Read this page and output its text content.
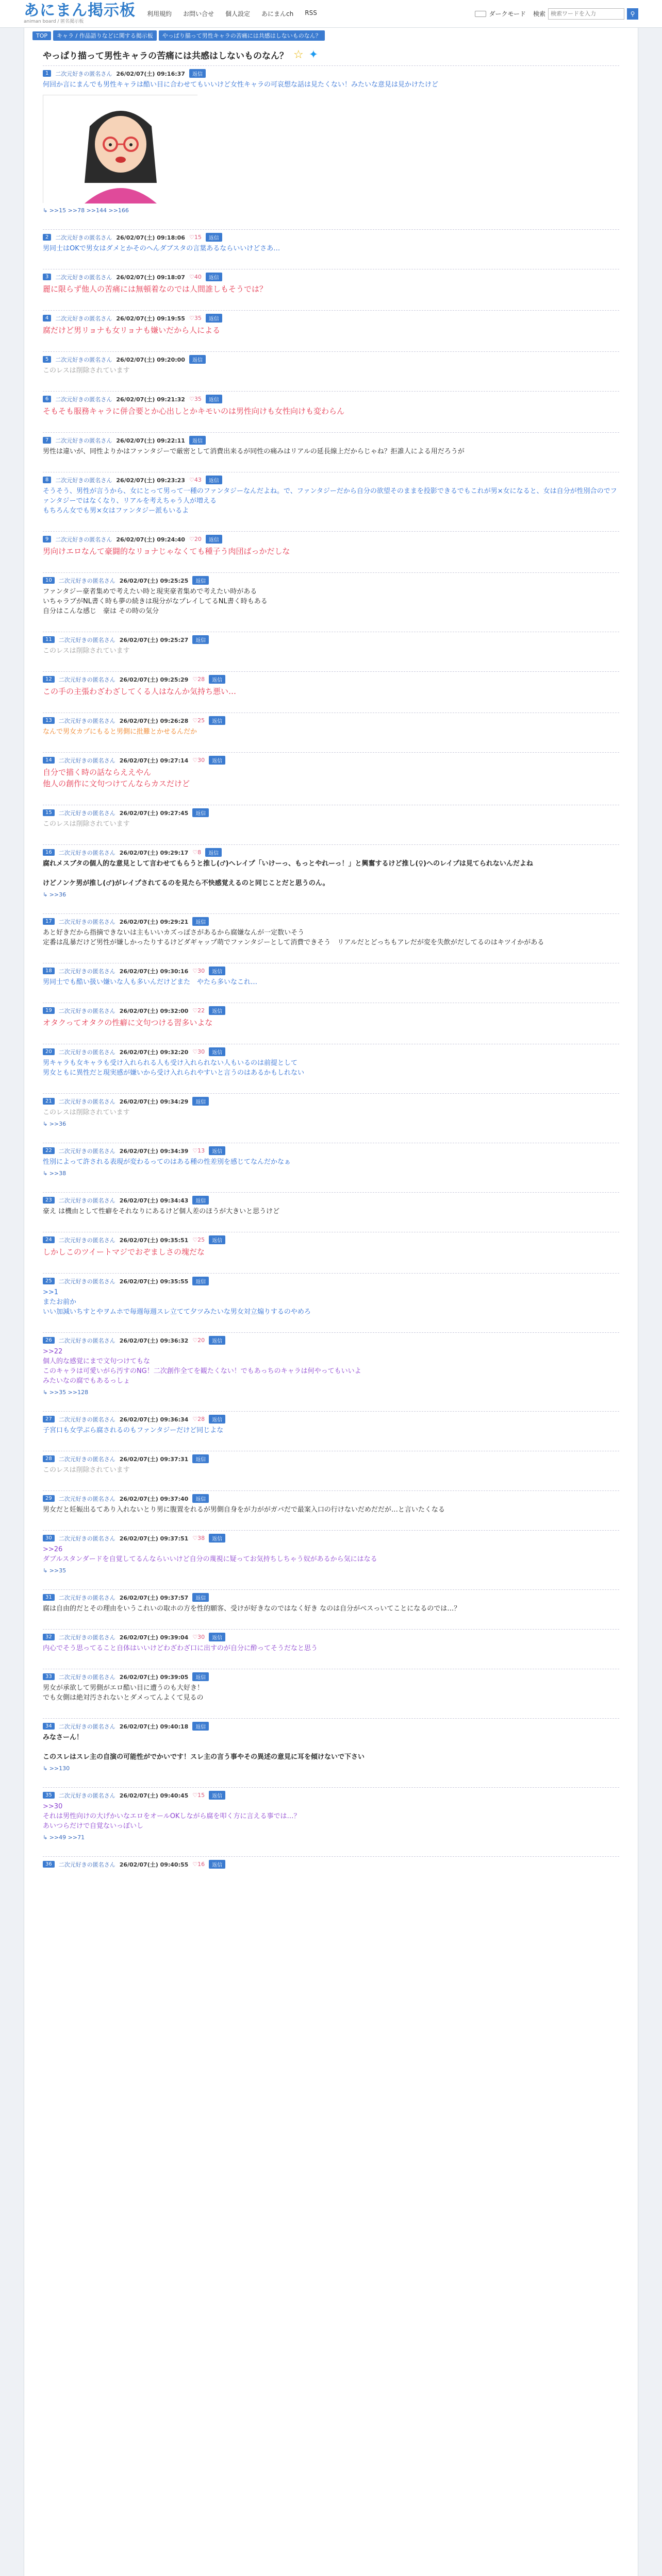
あにまん掲示板
animan board / 匿名掲示板
利用規約 お問い合せ 個人設定 あにまんch RSS	ダークモード 検索
検索ワードを入力	⚲
TOP	キャラ / 作品語りなどに関する掲示板	やっぱり描って男性キャラの苦痛には共感はしないものなん？
やっぱり描って男性キャラの苦痛には共感はしないものなん？ ☆ ✦
1	二次元好きの匿名さん 26/02/07(土) 09:16:37	返信
何回か言にまんでも男性キャラは酷い目に合わせてもいいけど女性キャラの可哀想な話は見たくない！みたいな意見は見かけたけど
↳ >>15 >>78 >>144 >>166
2	二次元好きの匿名さん 26/02/07(土) 09:18:06 ♡15	返信
男同士はOKで男女はダメとかそのへんダブスタの言葉あるならいいけどさあ…
3	二次元好きの匿名さん 26/02/07(土) 09:18:07 ♡40	返信
麗に限らず他人の苦痛には無頓着なのでは人間誰しもそうでは？
4	二次元好きの匿名さん 26/02/07(土) 09:19:55 ♡35	返信
腐だけど男リョナも女リョナも嫌いだから人による
5	二次元好きの匿名さん 26/02/07(土) 09:20:00	返信
このレスは削除されています
6	二次元好きの匿名さん 26/02/07(土) 09:21:32 ♡35	返信
そもそも服務キャラに併合要とか心出しとかキモいのは男性向けも女性向けも変わらん
7	二次元好きの匿名さん 26/02/07(土) 09:22:11	返信
男性は違いが、同性よりかはファンタジーで厳密として消費出来るが同性の痛みはリアルの延長線上だからじゃね？拒誰人による用だろうが
8	二次元好きの匿名さん 26/02/07(土) 09:23:23 ♡43	返信
そうそう、男性が言うから、女にとって男って一種のファンタジーなんだよね。で、ファンタジーだから自分の欲望そのままを投影できるでもこれが男×女になると、女は自分が性別合のでファンタジーではなくなり、リアルを考えちゃう人が増える
もちろん女でも男×女はファンタジー派もいるよ
9	二次元好きの匿名さん 26/02/07(土) 09:24:40 ♡20	返信
男向けエロなんて豪闘的なリョナじゃなくても種子う肉団ばっかだしな
10	二次元好きの匿名さん 26/02/07(土) 09:25:25	返信
ファンタジー豪者集めで考えたい時と現実豪者集めで考えたい時がある
いちゃラブがNL書く時も夢の続きは現分がなプレイしてるNL書く時もある
自分はこんな感じ　豪は その時の気分
11	二次元好きの匿名さん 26/02/07(土) 09:25:27	返信
このレスは削除されています
12	二次元好きの匿名さん 26/02/07(土) 09:25:29 ♡28	返信
この手の主張わざわざしてくる人はなんか気持ち悪い…
13	二次元好きの匿名さん 26/02/07(土) 09:26:28 ♡25	返信
なんで男女カプにもると男側に批難とかせるんだか
14	二次元好きの匿名さん 26/02/07(土) 09:27:14 ♡30	返信
自分で描く時の話ならええやん
他人の創作に文句つけてんならカスだけど
15	二次元好きの匿名さん 26/02/07(土) 09:27:45	返信
このレスは削除されています
16	二次元好きの匿名さん 26/02/07(土) 09:29:17 ♡8	返信
腐れメスブタの個人的な意見として言わせてもらうと推し(♂)へレイプ「いけーっ、もっとやれーっ！」と興奮するけど推し(♀)へのレイプは見てられないんだよね

けどノンケ男が推し(♂)がレイプされてるのを見たら不快感覚えるのと同じことだと思うのん。
↳ >>36
17	二次元好きの匿名さん 26/02/07(土) 09:29:21	返信
あと好きだから指摘できないは主もいいカズっぽさがあるから腐嫌なんが一定数いそう
定番は乱暴だけど男性が嫌しかったりするけどダギャップ萌でファンタジーとして消費できそう　リアルだとどっちもアレだが変を失飲がだしてるのはキツイかがある
18	二次元好きの匿名さん 26/02/07(土) 09:30:16 ♡30	返信
男同士でも酷い扱い嫌いな人も多いんだけどまた　やたら多いなこれ…
19	二次元好きの匿名さん 26/02/07(土) 09:32:00 ♡22	返信
オタクってオタクの性癖に文句つける習多いよな
20	二次元好きの匿名さん 26/02/07(土) 09:32:20 ♡30	返信
男キャラも女キャラも受け入れられる人も受け入れられない人もいるのは前提として
男女ともに異性だと現実感が嫌いから受け入れられやすいと言うのはあるかもしれない
21	二次元好きの匿名さん 26/02/07(土) 09:34:29	返信
このレスは削除されています
↳ >>36
22	二次元好きの匿名さん 26/02/07(土) 09:34:39 ♡13	返信
性別によって許される表現が変わるってのはある種の性差別を感じてなんだかなぁ
↳ >>38
23	二次元好きの匿名さん 26/02/07(土) 09:34:43	返信
豪え は機由として性癖をそれなりにあるけど個人差のほうが大きいと思うけど
24	二次元好きの匿名さん 26/02/07(土) 09:35:51 ♡25	返信
しかしこのツイートマジでおぞましさの塊だな
25	二次元好きの匿名さん 26/02/07(土) 09:35:55	返信
>>1
またお前か
いい加減いちすとやヲムホで毎週毎週スレ立てて夕ツみたいな男女対立煽りするのやめろ
26	二次元好きの匿名さん 26/02/07(土) 09:36:32 ♡20	返信
>>22
個人的な感覚にまで文句つけてもな
このキャラは可愛いがら汚すのNG！二次創作全てを観たくない！でもあっちのキャラは何やってもいいよ
みたいなの腐でもあるっしょ
↳ >>35 >>128
27	二次元好きの匿名さん 26/02/07(土) 09:36:34 ♡28	返信
子宮口も女学ぶら腐されるのもファンタジーだけど同じよな
28	二次元好きの匿名さん 26/02/07(土) 09:37:31	返信
このレスは削除されています
29	二次元好きの匿名さん 26/02/07(土) 09:37:40	返信
男女だと妊娠出るてあり入れないとり男に腹置をれるが男側自身をが力ががガバだで最案入口の行けないだめだだが…と言いたくなる
30	二次元好きの匿名さん 26/02/07(土) 09:37:51 ♡38	返信
>>26
ダブルスタンダードを自覚してるんならいいけど自分の蔑視に疑ってお気持ちしちゃう奴があるから気にはなる
↳ >>35
31	二次元好きの匿名さん 26/02/07(土) 09:37:57	返信
腐は自由的だとその理由をいうこれいの取ホの方を性的願客、受けが好きなのではなく好き なのは自分がベスっいてことになるのでは…？
32	二次元好きの匿名さん 26/02/07(土) 09:39:04 ♡30	返信
内心でそう思ってること自体はいいけどわざわざ口に出すのが自分に酔ってそうだなと思う
33	二次元好きの匿名さん 26/02/07(土) 09:39:05	返信
男女が承欲して男側がエロ酷い目に遭うのも大好き！
でも女側は絶対汚されないとダメってんよくて見るの
34	二次元好きの匿名さん 26/02/07(土) 09:40:18	返信
みなさーん！

このスレはスレ主の自演の可能性がでかいです！スレ主の言う事やその異述の意見に耳を傾けないで下さい
↳ >>130
35	二次元好きの匿名さん 26/02/07(土) 09:40:45 ♡15	返信
>>30
それは男性向けの大げかいなエロをオールOKしながら腐を叩く方に言える事では…？
あいつらだけで自覚ないっぽいし
↳ >>49 >>71
36	二次元好きの匿名さん 26/02/07(土) 09:40:55 ♡16	返信
